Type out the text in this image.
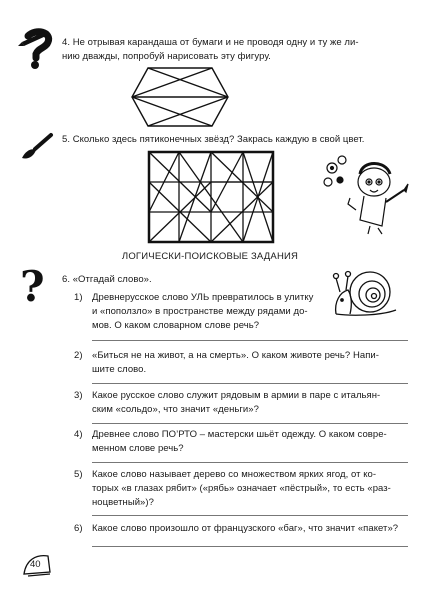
4. Не отрывая карандаша от бумаги и не проводя одну и ту же ли-
нию дважды, попробуй нарисовать эту фигуру.
5. Сколько здесь пятиконечных звёзд? Закрась каждую в свой цвет.
ЛОГИЧЕСКИ-ПОИСКОВЫЕ ЗАДАНИЯ
? 6. «Отгадай слово».
1) Древнерусское слово УЛЬ превратилось в улитку
и «поползло» в пространстве между рядами до-
мов. О каком словарном слове речь?
2) «Биться не на живот, а на смерть». О каком животе речь? Напи-
шите слово.
3) Какое русское слово служит рядовым в армии в паре с итальян-
ским «сольдо», что значит «деньги»?
4) Древнее слово ПО’РТО – мастерски шьёт одежду. О каком совре-
менном слове речь?
5) Какое слово называет дерево со множеством ярких ягод, от ко-
торых «в глазах рябит» («рябь» означает «пёстрый», то есть «раз-
ноцветный»)?
6) Какое слово произошло от французского «баг», что значит «пакет»?
40
